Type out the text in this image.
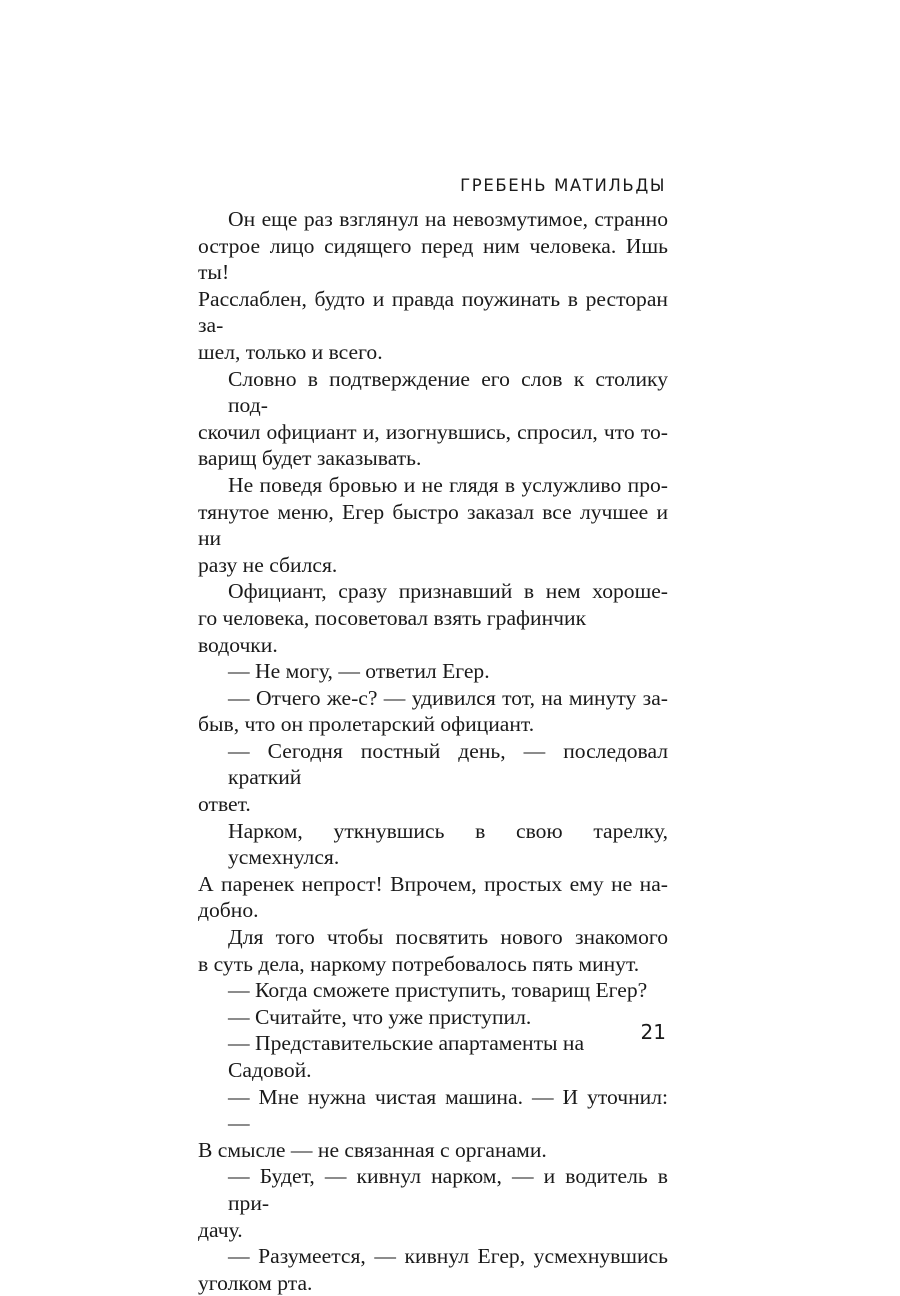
ГРЕБЕНЬ МАТИЛЬДЫ
Он еще раз взглянул на невозмутимое, странно
острое лицо сидящего перед ним человека. Ишь ты!
Расслаблен, будто и правда поужинать в ресторан за-
шел, только и всего.
Словно в подтверждение его слов к столику под-
скочил официант и, изогнувшись, спросил, что то-
варищ будет заказывать.
Не поведя бровью и не глядя в услужливо про-
тянутое меню, Егер быстро заказал все лучшее и ни
разу не сбился.
Официант, сразу признавший в нем хороше-
го человека, посоветовал взять графинчик водочки.
— Не могу, — ответил Егер.
— Отчего же-с? — удивился тот, на минуту за-
быв, что он пролетарский официант.
— Сегодня постный день, — последовал краткий
ответ.
Нарком, уткнувшись в свою тарелку, усмехнулся.
А паренек непрост! Впрочем, простых ему не на-
добно.
Для того чтобы посвятить нового знакомого
в суть дела, наркому потребовалось пять минут.
— Когда сможете приступить, товарищ Егер?
— Считайте, что уже приступил.
— Представительские апартаменты на Садовой.
— Мне нужна чистая машина. — И уточнил: —
В смысле — не связанная с органами.
— Будет, — кивнул нарком, — и водитель в при-
дачу.
— Разумеется, — кивнул Егер, усмехнувшись
уголком рта.
21
